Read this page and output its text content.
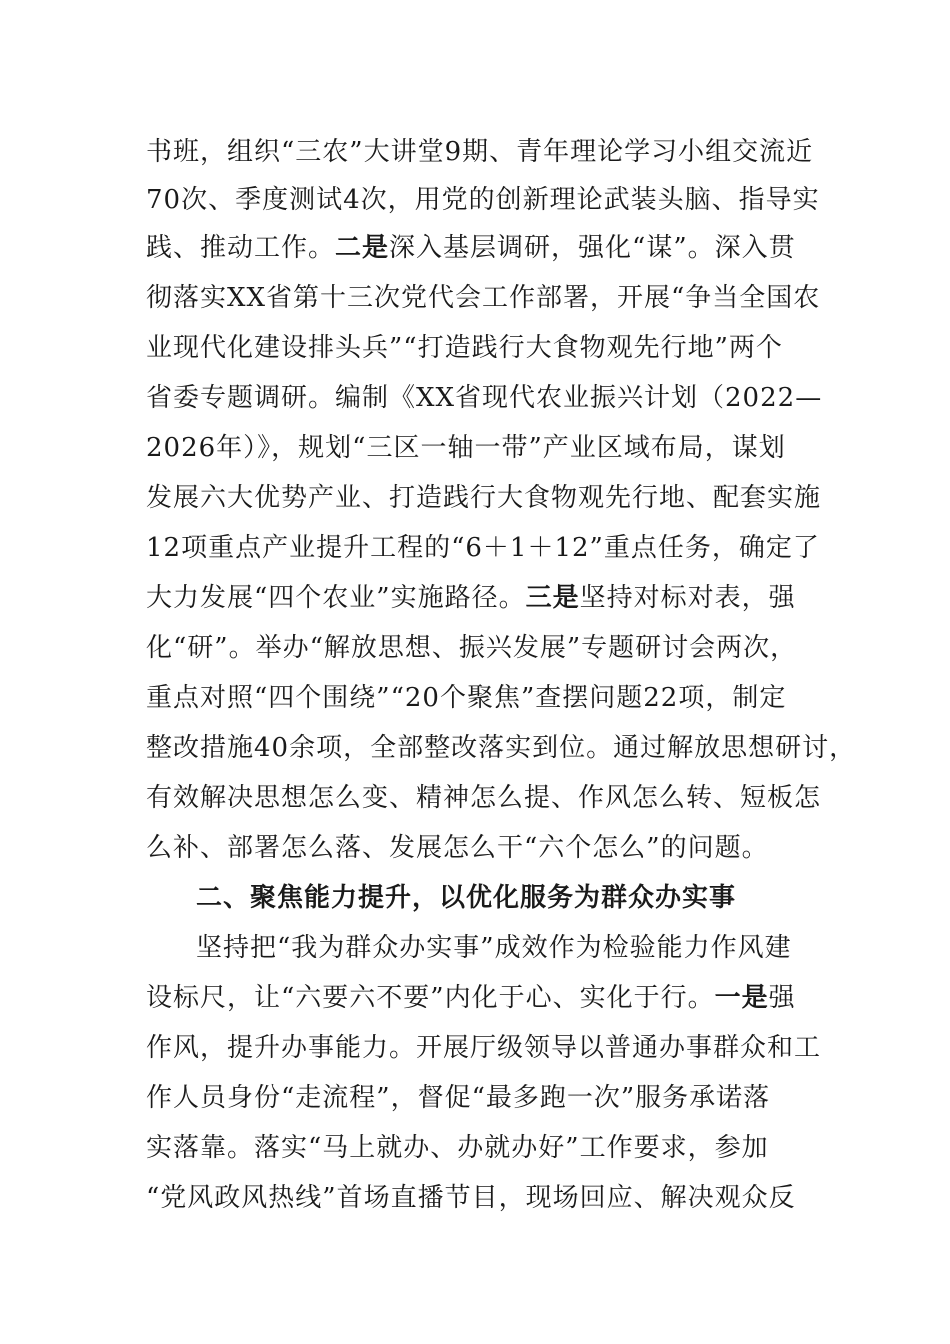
书班，组织“三农”大讲堂9期、青年理论学习小组交流近
70次、季度测试4次，用党的创新理论武装头脑、指导实
践、推动工作。二是深入基层调研，强化“谋”。深入贯
彻落实XX省第十三次党代会工作部署，开展“争当全国农
业现代化建设排头兵”“打造践行大食物观先行地”两个
省委专题调研。编制《XX省现代农业振兴计划（2022—
2026年）》，规划“三区一轴一带”产业区域布局，谋划
发展六大优势产业、打造践行大食物观先行地、配套实施
12项重点产业提升工程的“6＋1＋12”重点任务，确定了
大力发展“四个农业”实施路径。三是坚持对标对表，强
化“研”。举办“解放思想、振兴发展”专题研讨会两次，
重点对照“四个围绕”“20个聚焦”查摆问题22项，制定
整改措施40余项，全部整改落实到位。通过解放思想研讨，
有效解决思想怎么变、精神怎么提、作风怎么转、短板怎
么补、部署怎么落、发展怎么干“六个怎么”的问题。
二、聚焦能力提升，以优化服务为群众办实事
坚持把“我为群众办实事”成效作为检验能力作风建
设标尺，让“六要六不要”内化于心、实化于行。一是强
作风，提升办事能力。开展厅级领导以普通办事群众和工
作人员身份“走流程”，督促“最多跑一次”服务承诺落
实落靠。落实“马上就办、办就办好”工作要求，参加
“党风政风热线”首场直播节目，现场回应、解决观众反
